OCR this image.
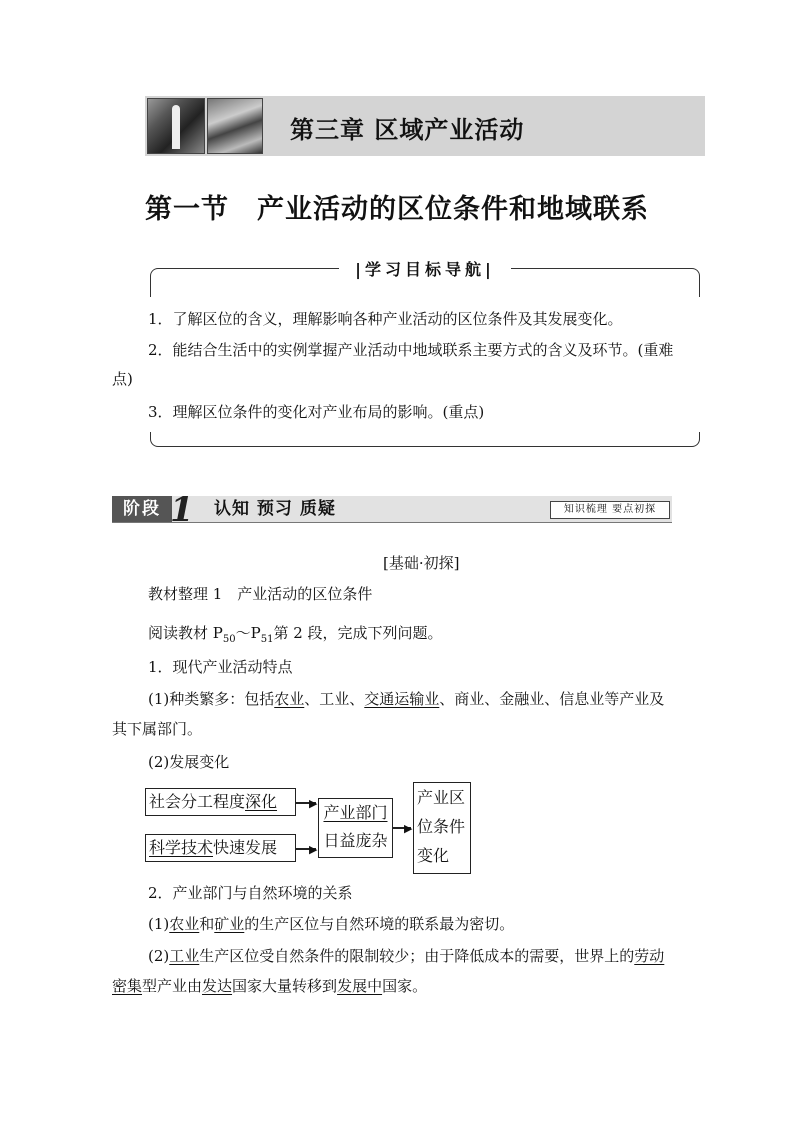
第三章 区域产业活动
第一节　产业活动的区位条件和地域联系
|学习目标导航|
1．了解区位的含义，理解影响各种产业活动的区位条件及其发展变化。
2．能结合生活中的实例掌握产业活动中地域联系主要方式的含义及环节。(重难
点)
3．理解区位条件的变化对产业布局的影响。(重点)
阶段 1 认知 预习 质疑	知识梳理 要点初探
[基础·初探]
教材整理 1　产业活动的区位条件
阅读教材 $P_{50}\sim P_{51}$第 2 段，完成下列问题。
1．现代产业活动特点
(1)种类繁多：包括农业、工业、交通运输业、商业、金融业、信息业等产业及
其下属部门。
(2)发展变化
社会分工程度深化
科学技术快速发展
▶
▶
产业部门
日益庞杂
▶
产业区
位条件
变化
2．产业部门与自然环境的关系
(1)农业和矿业的生产区位与自然环境的联系最为密切。
(2)工业生产区位受自然条件的限制较少；由于降低成本的需要，世界上的劳动
密集型产业由发达国家大量转移到发展中国家。
